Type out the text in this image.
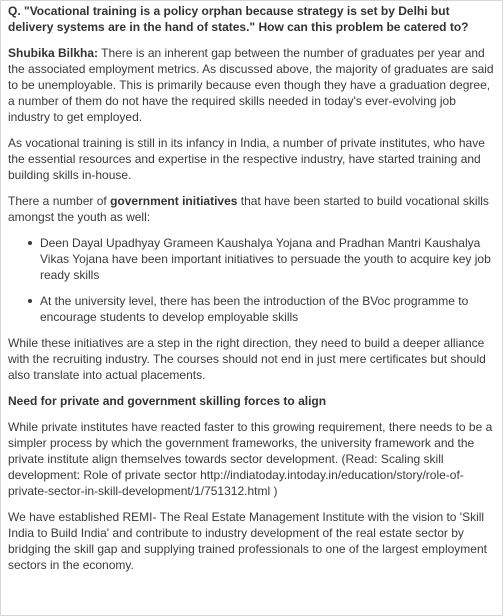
Q. "Vocational training is a policy orphan because strategy is set by Delhi but delivery systems are in the hand of states." How can this problem be catered to?

Shubika Bilkha: There is an inherent gap between the number of graduates per year and the associated employment metrics. As discussed above, the majority of graduates are said to be unemployable. This is primarily because even though they have a graduation degree, a number of them do not have the required skills needed in today's ever-evolving job industry to get employed.

As vocational training is still in its infancy in India, a number of private institutes, who have the essential resources and expertise in the respective industry, have started training and building skills in-house.

There a number of government initiatives that have been started to build vocational skills amongst the youth as well:

Deen Dayal Upadhyay Grameen Kaushalya Yojana and Pradhan Mantri Kaushalya Vikas Yojana have been important initiatives to persuade the youth to acquire key job ready skills
At the university level, there has been the introduction of the BVoc programme to encourage students to develop employable skills

While these initiatives are a step in the right direction, they need to build a deeper alliance with the recruiting industry. The courses should not end in just mere certificates but should also translate into actual placements.

Need for private and government skilling forces to align

While private institutes have reacted faster to this growing requirement, there needs to be a simpler process by which the government frameworks, the university framework and the private institute align themselves towards sector development. (Read: Scaling skill development: Role of private sector http://indiatoday.intoday.in/education/story/role-of-private-sector-in-skill-development/1/751312.html )

We have established REMI- The Real Estate Management Institute with the vision to 'Skill India to Build India' and contribute to industry development of the real estate sector by bridging the skill gap and supplying trained professionals to one of the largest employment sectors in the economy.
